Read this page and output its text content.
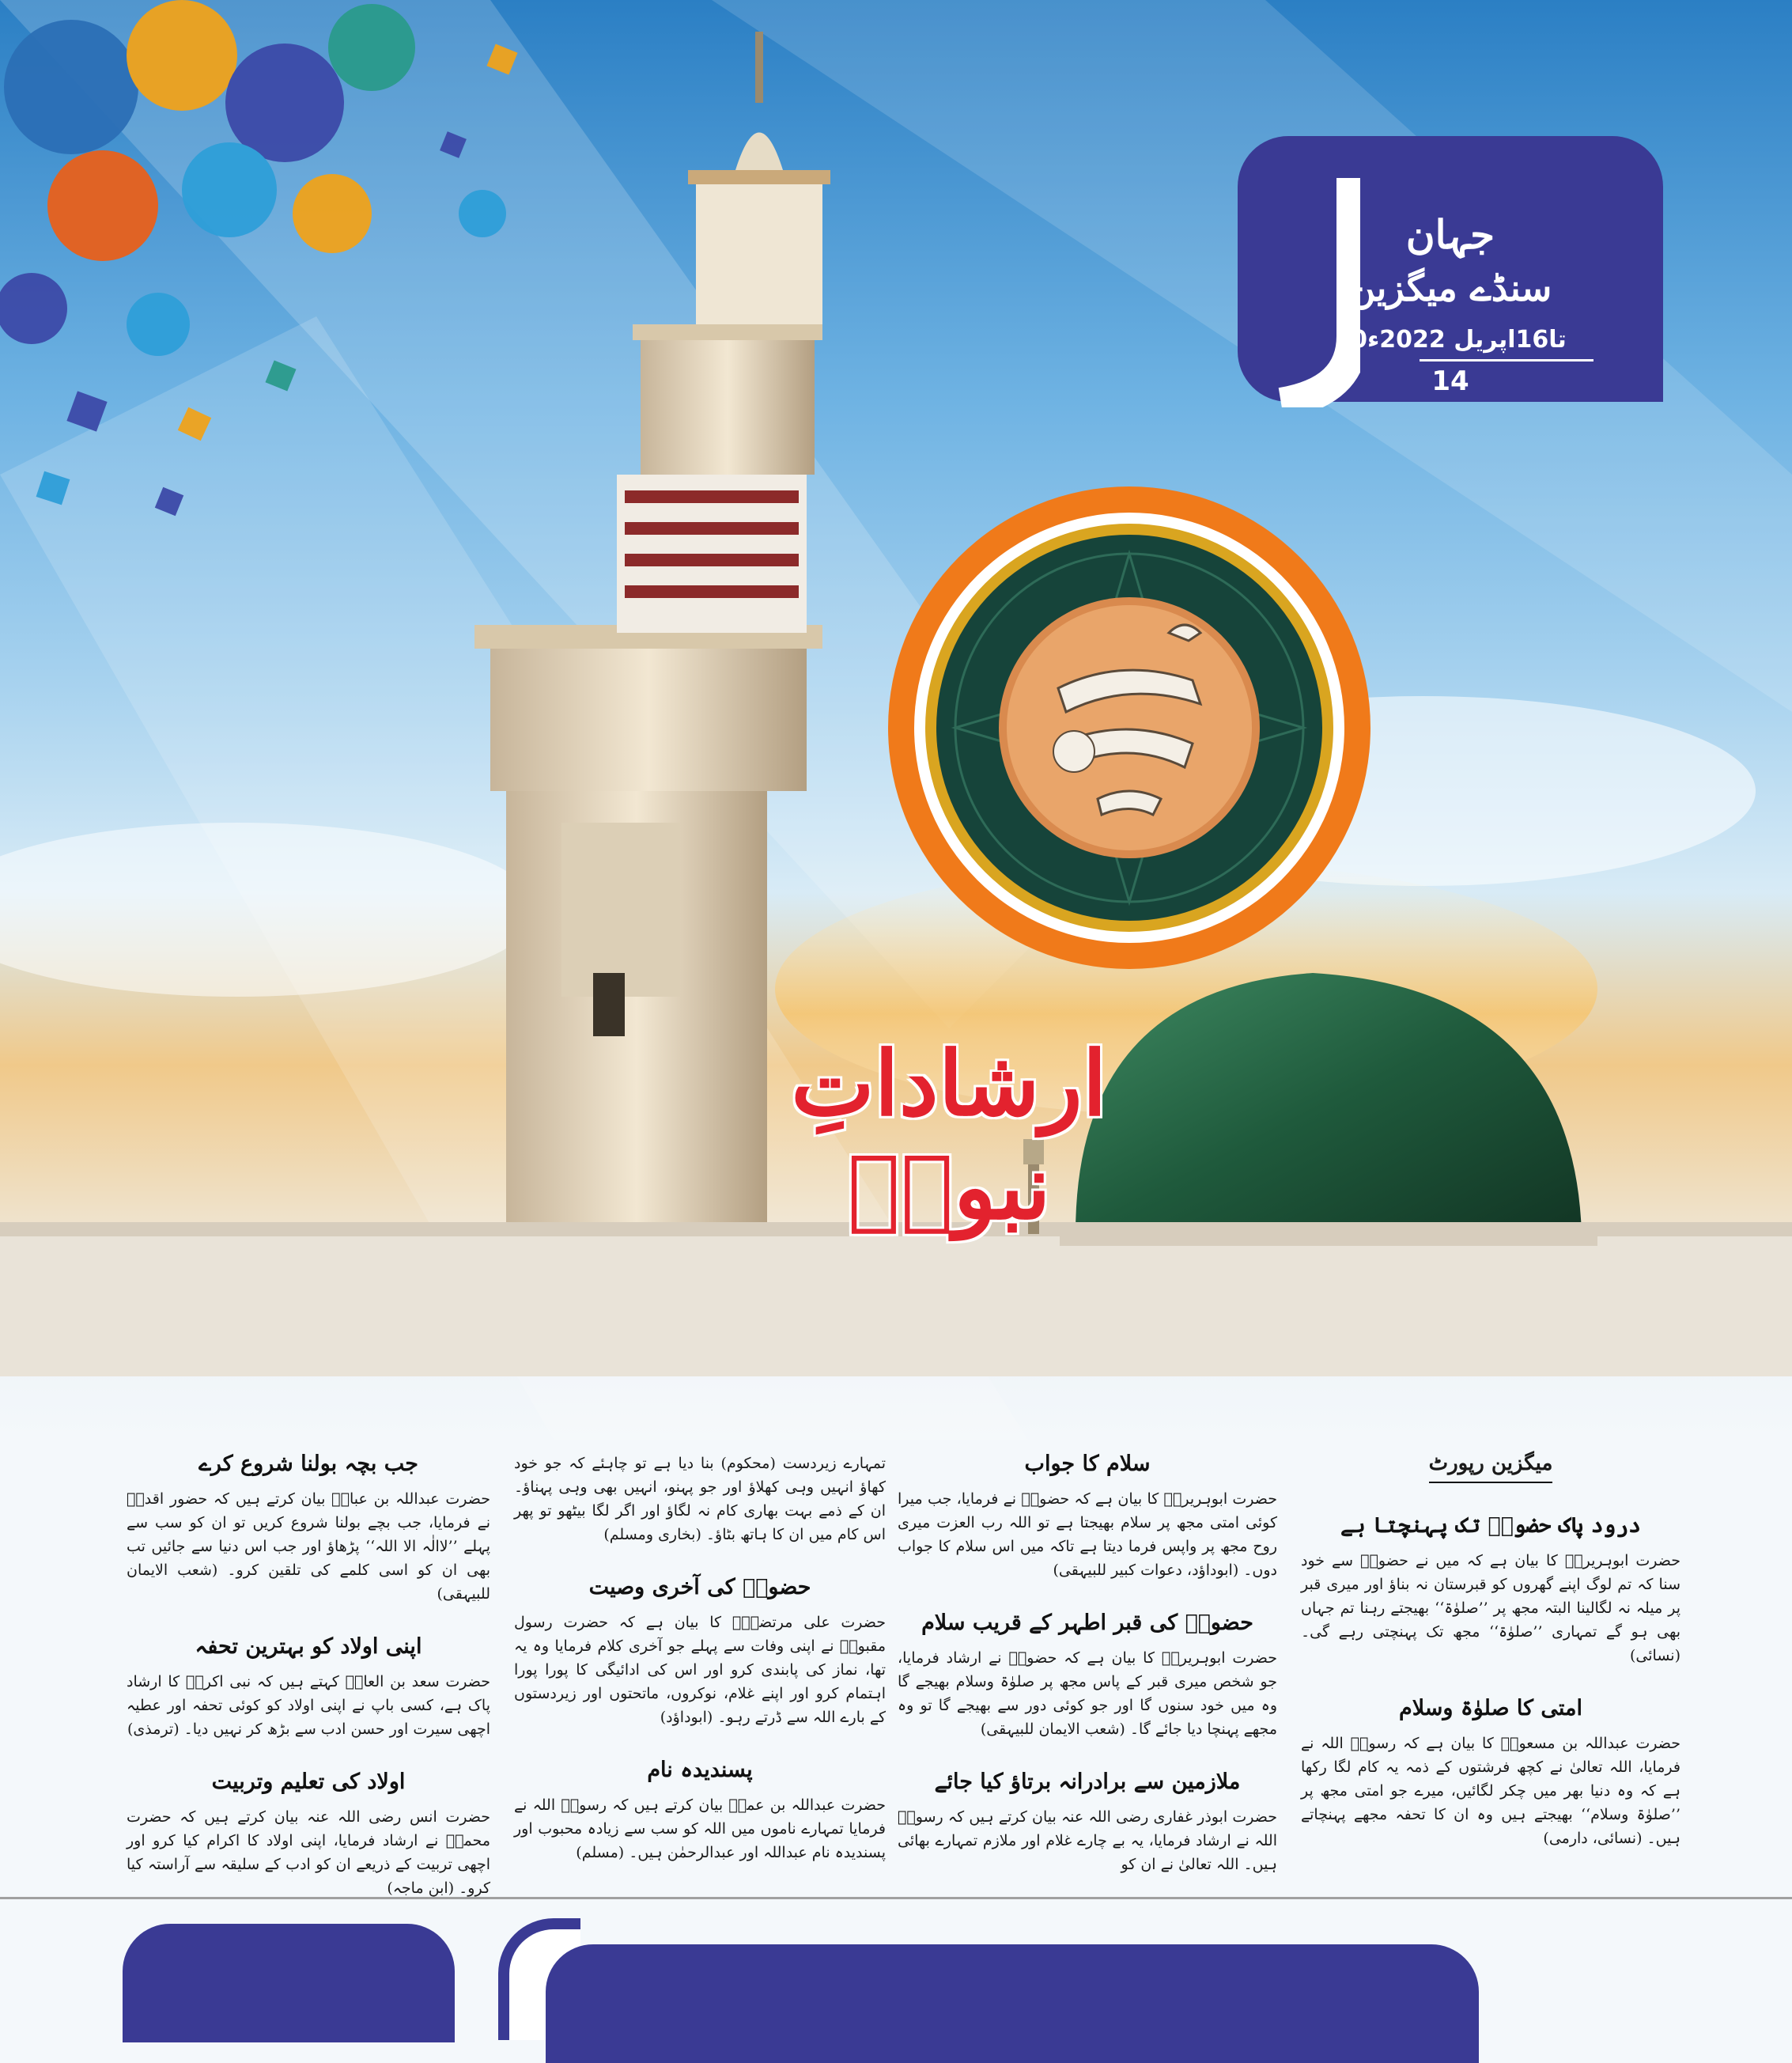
جہان
سنڈے میگزین
10تا16اپریل 2022ء
14
ارشاداتِ نبویؐ
میگزین رپورٹ
درود پاک حضورؐ تک پہنچتا ہے

حضرت ابوہریرہؓ کا بیان ہے کہ میں نے حضورؐ سے خود سنا کہ تم لوگ اپنے گھروں کو قبرستان نہ بناؤ اور میری قبر پر میلہ نہ لگالینا البتہ مجھ پر ’’صلوٰۃ‘‘ بھیجتے رہنا تم جہاں بھی ہو گے تمہاری ’’صلوٰۃ‘‘ مجھ تک پہنچتی رہے گی۔ (نسائی)

امتی کا صلوٰۃ وسلام

حضرت عبداللہ بن مسعودؓ کا بیان ہے کہ رسولؐ اللہ نے فرمایا، اللہ تعالیٰ نے کچھ فرشتوں کے ذمہ یہ کام لگا رکھا ہے کہ وہ دنیا بھر میں چکر لگائیں، میرے جو امتی مجھ پر ’’صلوٰۃ وسلام‘‘ بھیجتے ہیں وہ ان کا تحفہ مجھے پہنچاتے ہیں۔ (نسائی، دارمی)

سلام کا جواب

حضرت ابوہریرہؓ کا بیان ہے کہ حضورؐ نے فرمایا، جب میرا کوئی امتی مجھ پر سلام بھیجتا ہے تو اللہ رب العزت میری روح مجھ پر واپس فرما دیتا ہے تاکہ میں اس سلام کا جواب دوں۔ (ابوداؤد، دعوات کبیر للبیہقی)

حضورؐ کی قبر اطہر کے قریب سلام

حضرت ابوہریرہؓ کا بیان ہے کہ حضورؐ نے ارشاد فرمایا، جو شخص میری قبر کے پاس مجھ پر صلوٰۃ وسلام بھیجے گا وہ میں خود سنوں گا اور جو کوئی دور سے بھیجے گا تو وہ مجھے پہنچا دیا جائے گا۔ (شعب الایمان للبیہقی)

ملازمین سے برادرانہ برتاؤ کیا جائے

حضرت ابوذر غفاری رضی اللہ عنہ بیان کرتے ہیں کہ رسولؐ اللہ نے ارشاد فرمایا، یہ بے چارے غلام اور ملازم تمہارے بھائی ہیں۔ اللہ تعالیٰ نے ان کو

تمہارے زیردست (محکوم) بنا دیا ہے تو چاہئے کہ جو خود کھاؤ انہیں وہی کھلاؤ اور جو پہنو، انہیں بھی وہی پہناؤ۔ ان کے ذمے بہت بھاری کام نہ لگاؤ اور اگر لگا بیٹھو تو پھر اس کام میں ان کا ہاتھ بٹاؤ۔ (بخاری ومسلم)

حضورؐ کی آخری وصیت

حضرت علی مرتضیٰؓ کا بیان ہے کہ حضرت رسول مقبولؐ نے اپنی وفات سے پہلے جو آخری کلام فرمایا وہ یہ تھا، نماز کی پابندی کرو اور اس کی ادائیگی کا پورا پورا اہتمام کرو اور اپنے غلام، نوکروں، ماتحتوں اور زیردستوں کے بارے اللہ سے ڈرتے رہو۔ (ابوداؤد)

پسندیدہ نام

حضرت عبداللہ بن عمرؓ بیان کرتے ہیں کہ رسولؐ اللہ نے فرمایا تمہارے ناموں میں اللہ کو سب سے زیادہ محبوب اور پسندیدہ نام عبداللہ اور عبدالرحمٰن ہیں۔ (مسلم)

جب بچہ بولنا شروع کرے

حضرت عبداللہ بن عباسؓ بیان کرتے ہیں کہ حضور اقدسؐ نے فرمایا، جب بچے بولنا شروع کریں تو ان کو سب سے پہلے ’’لاالٰہ الا اللہ‘‘ پڑھاؤ اور جب اس دنیا سے جائیں تب بھی ان کو اسی کلمے کی تلقین کرو۔ (شعب الایمان للبیہقی)

اپنی اولاد کو بہترین تحفہ

حضرت سعد بن العاصؓ کہتے ہیں کہ نبی اکرمؐ کا ارشاد پاک ہے، کسی باپ نے اپنی اولاد کو کوئی تحفہ اور عطیہ اچھی سیرت اور حسن ادب سے بڑھ کر نہیں دیا۔ (ترمذی)

اولاد کی تعلیم وتربیت

حضرت انس رضی اللہ عنہ بیان کرتے ہیں کہ حضرت محمدؐ نے ارشاد فرمایا، اپنی اولاد کا اکرام کیا کرو اور اچھی تربیت کے ذریعے ان کو ادب کے سلیقہ سے آراستہ کیا کرو۔ (ابن ماجہ)
